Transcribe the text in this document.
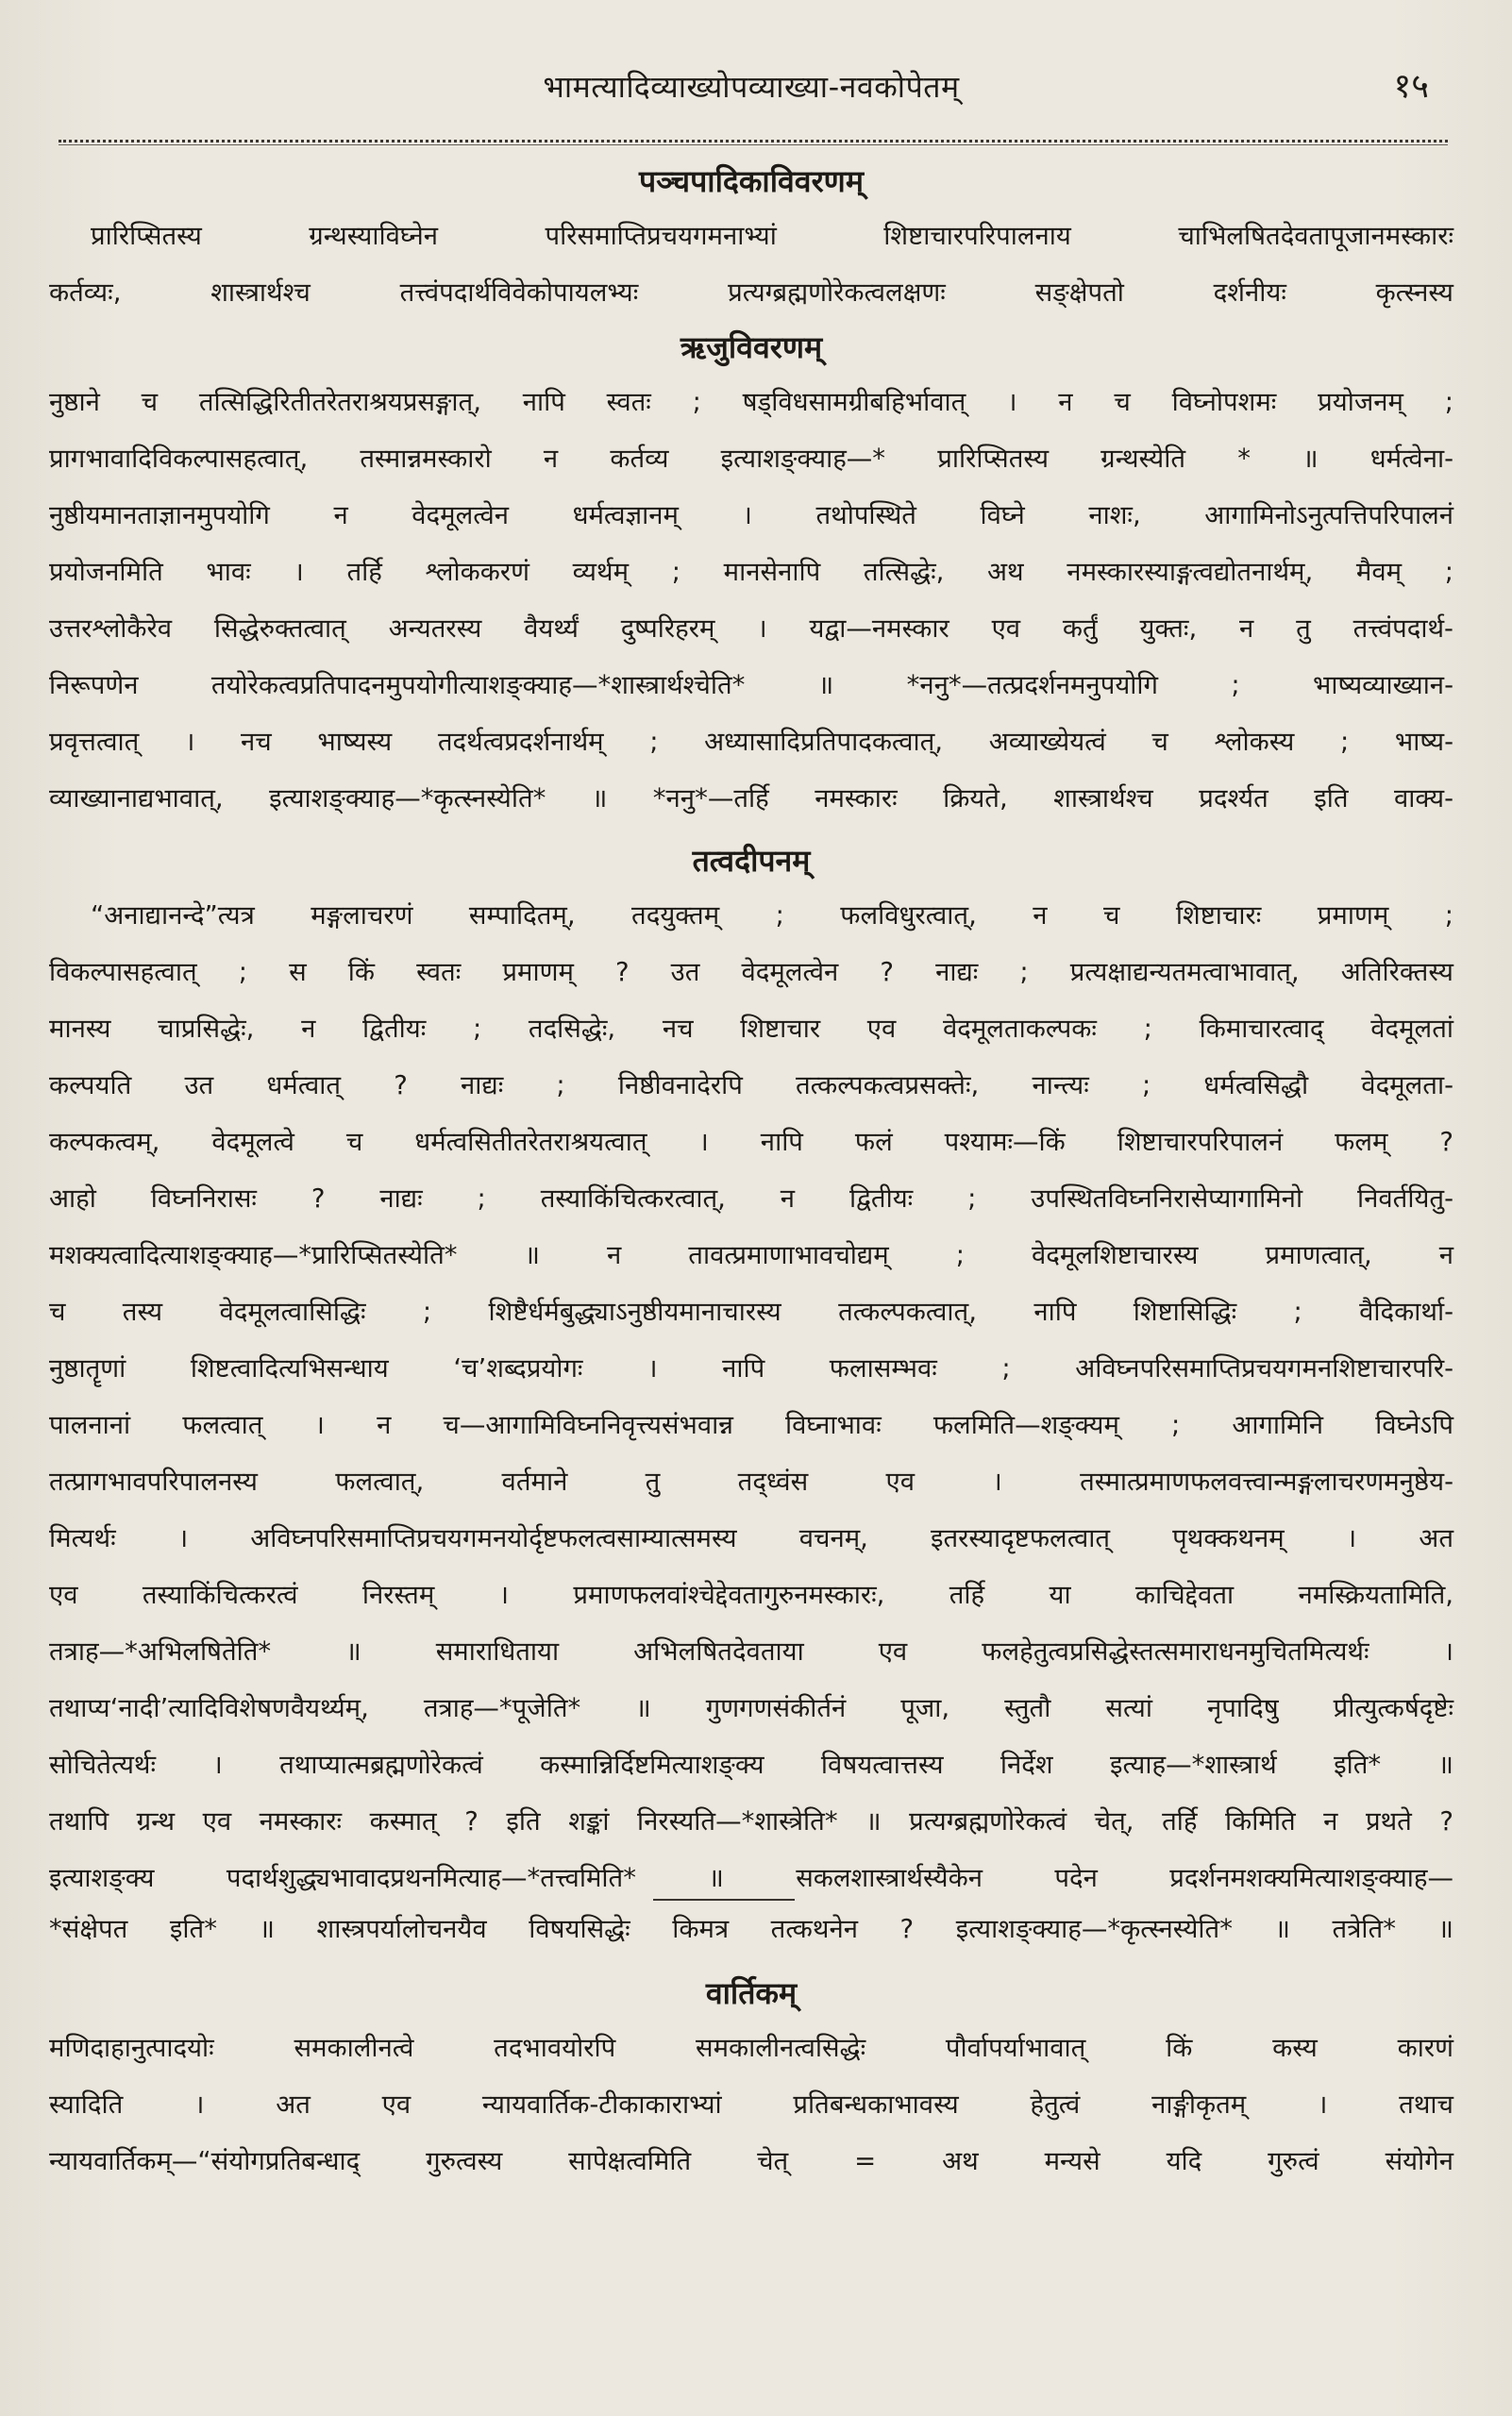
भामत्यादिव्याख्योपव्याख्या-नवकोपेतम्	१५
पञ्चपादिकाविवरणम्

प्रारिप्सितस्य ग्रन्थस्याविघ्नेन परिसमाप्तिप्रचयगमनाभ्यां शिष्टाचारपरिपालनाय चाभिलषितदेवतापूजानमस्कारः

कर्तव्यः, शास्त्रार्थश्च तत्त्वंपदार्थविवेकोपायलभ्यः प्रत्यग्ब्रह्मणोरेकत्वलक्षणः सङ्क्षेपतो दर्शनीयः कृत्स्नस्य

ऋजुविवरणम्

नुष्ठाने च तत्सिद्धिरितीतरेतराश्रयप्रसङ्गात्, नापि स्वतः ; षड्विधसामग्रीबहिर्भावात् । न च विघ्नोपशमः प्रयोजनम् ;

प्रागभावादिविकल्पासहत्वात्, तस्मान्नमस्कारो न कर्तव्य इत्याशङ्क्याह—* प्रारिप्सितस्य ग्रन्थस्येति * ॥ धर्मत्वेना-

नुष्ठीयमानताज्ञानमुपयोगि न वेदमूलत्वेन धर्मत्वज्ञानम् । तथोपस्थिते विघ्ने नाशः, आगामिनोऽनुत्पत्तिपरिपालनं

प्रयोजनमिति भावः । तर्हि श्लोककरणं व्यर्थम् ; मानसेनापि तत्सिद्धेः, अथ नमस्कारस्याङ्गत्वद्योतनार्थम्, मैवम् ;

उत्तरश्लोकैरेव सिद्धेरुक्तत्वात् अन्यतरस्य वैयर्थ्यं दुष्परिहरम् । यद्वा—नमस्कार एव कर्तुं युक्तः, न तु तत्त्वंपदार्थ-

निरूपणेन तयोरेकत्वप्रतिपादनमुपयोगीत्याशङ्क्याह—*शास्त्रार्थश्चेति* ॥ *ननु*—तत्प्रदर्शनमनुपयोगि ; भाष्यव्याख्यान-

प्रवृत्तत्वात् । नच भाष्यस्य तदर्थत्वप्रदर्शनार्थम् ; अध्यासादिप्रतिपादकत्वात्, अव्याख्येयत्वं च श्लोकस्य ; भाष्य-

व्याख्यानाद्यभावात्, इत्याशङ्क्याह—*कृत्स्नस्येति* ॥ *ननु*—तर्हि नमस्कारः क्रियते, शास्त्रार्थश्च प्रदर्श्यत इति वाक्य-

तत्वदीपनम्

“अनाद्यानन्दे”त्यत्र मङ्गलाचरणं सम्पादितम्, तदयुक्तम् ; फलविधुरत्वात्, न च शिष्टाचारः प्रमाणम् ;

विकल्पासहत्वात् ; स किं स्वतः प्रमाणम् ? उत वेदमूलत्वेन ? नाद्यः ; प्रत्यक्षाद्यन्यतमत्वाभावात्, अतिरिक्तस्य

मानस्य चाप्रसिद्धेः, न द्वितीयः ; तदसिद्धेः, नच शिष्टाचार एव वेदमूलताकल्पकः ; किमाचारत्वाद् वेदमूलतां

कल्पयति उत धर्मत्वात् ? नाद्यः ; निष्ठीवनादेरपि तत्कल्पकत्वप्रसक्तेः, नान्त्यः ; धर्मत्वसिद्धौ वेदमूलता-

कल्पकत्वम्, वेदमूलत्वे च धर्मत्वसितीतरेतराश्रयत्वात् । नापि फलं पश्यामः—किं शिष्टाचारपरिपालनं फलम् ?

आहो विघ्ननिरासः ? नाद्यः ; तस्याकिंचित्करत्वात्, न द्वितीयः ; उपस्थितविघ्ननिरासेप्यागामिनो निवर्तयितु-

मशक्यत्वादित्याशङ्क्याह—*प्रारिप्सितस्येति* ॥ न तावत्प्रमाणाभावचोद्यम् ; वेदमूलशिष्टाचारस्य प्रमाणत्वात्, न

च तस्य वेदमूलत्वासिद्धिः ; शिष्टैर्धर्मबुद्ध्याऽनुष्ठीयमानाचारस्य तत्कल्पकत्वात्, नापि शिष्टासिद्धिः ; वैदिकार्था-

नुष्ठातॄणां शिष्टत्वादित्यभिसन्धाय ‘च’शब्दप्रयोगः । नापि फलासम्भवः ; अविघ्नपरिसमाप्तिप्रचयगमनशिष्टाचारपरि-

पालनानां फलत्वात् । न च—आगामिविघ्ननिवृत्त्यसंभवान्न विघ्नाभावः फलमिति—शङ्क्यम् ; आगामिनि विघ्नेऽपि

तत्प्रागभावपरिपालनस्य फलत्वात्, वर्तमाने तु तद्ध्वंस एव । तस्मात्प्रमाणफलवत्त्वान्मङ्गलाचरणमनुष्ठेय-

मित्यर्थः । अविघ्नपरिसमाप्तिप्रचयगमनयोर्दृष्टफलत्वसाम्यात्समस्य वचनम्, इतरस्यादृष्टफलत्वात् पृथक्कथनम् । अत

एव तस्याकिंचित्करत्वं निरस्तम् । प्रमाणफलवांश्चेद्देवतागुरुनमस्कारः, तर्हि या काचिद्देवता नमस्क्रियतामिति,

तत्राह—*अभिलषितेति* ॥ समाराधिताया अभिलषितदेवताया एव फलहेतुत्वप्रसिद्धेस्तत्समाराधनमुचितमित्यर्थः ।

तथाप्य‘नादी’त्यादिविशेषणवैयर्थ्यम्, तत्राह—*पूजेति* ॥ गुणगणसंकीर्तनं पूजा, स्तुतौ सत्यां नृपादिषु प्रीत्युत्कर्षदृष्टेः

सोचितेत्यर्थः । तथाप्यात्मब्रह्मणोरेकत्वं कस्मान्निर्दिष्टमित्याशङ्क्य विषयत्वात्तस्य निर्देश इत्याह—*शास्त्रार्थ इति* ॥

तथापि ग्रन्थ एव नमस्कारः कस्मात् ? इति शङ्कां निरस्यति—*शास्त्रेति* ॥ प्रत्यग्ब्रह्मणोरेकत्वं चेत्, तर्हि किमिति न प्रथते ?

इत्याशङ्क्य पदार्थशुद्ध्यभावादप्रथनमित्याह—*तत्त्वमिति* ॥ सकलशास्त्रार्थस्यैकेन पदेन प्रदर्शनमशक्यमित्याशङ्क्याह—

*संक्षेपत इति* ॥ शास्त्रपर्यालोचनयैव विषयसिद्धेः किमत्र तत्कथनेन ? इत्याशङ्क्याह—*कृत्स्नस्येति* ॥ तत्रेति* ॥

वार्तिकम्

मणिदाहानुत्पादयोः समकालीनत्वे तदभावयोरपि समकालीनत्वसिद्धेः पौर्वापर्याभावात् किं कस्य कारणं

स्यादिति । अत एव न्यायवार्तिक-टीकाकाराभ्यां प्रतिबन्धकाभावस्य हेतुत्वं नाङ्गीकृतम् । तथाच

न्यायवार्तिकम्—“संयोगप्रतिबन्धाद् गुरुत्वस्य सापेक्षत्वमिति चेत् = अथ मन्यसे यदि गुरुत्वं संयोगेन
